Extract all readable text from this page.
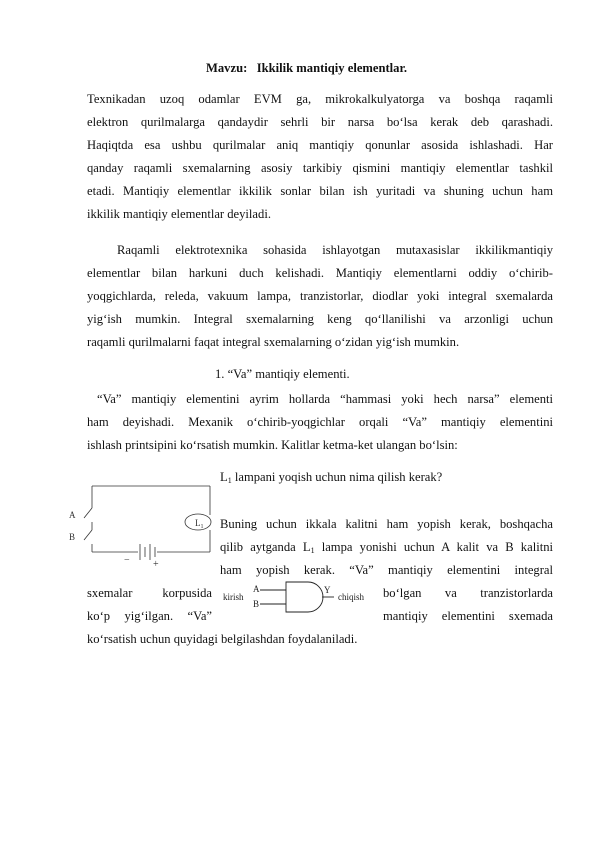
Mavzu: Ikkilik mantiqiy elementlar.
Texnikadan uzoq odamlar EVM ga, mikrokalkulyatorga va boshqa raqamli
elektron qurilmalarga qandaydir sehrli bir narsa bo‘lsa kerak deb qarashadi.
Haqiqtda esa ushbu qurilmalar aniq mantiqiy qonunlar asosida ishlashadi. Har
qanday raqamli sxemalarning asosiy tarkibiy qismini mantiqiy elementlar tashkil
etadi. Mantiqiy elementlar ikkilik sonlar bilan ish yuritadi va shuning uchun ham
ikkilik mantiqiy elementlar deyiladi.
Raqamli elektrotexnika sohasida ishlayotgan mutaxasislar ikkilikmantiqiy
elementlar bilan harkuni duch kelishadi. Mantiqiy elementlarni oddiy o‘chirib-
yoqgichlarda, releda, vakuum lampa, tranzistorlar, diodlar yoki integral sxemalarda
yig‘ish mumkin. Integral sxemalarning keng qo‘llanilishi va arzonligi uchun
raqamli qurilmalarni faqat integral sxemalarning o‘zidan yig‘ish mumkin.
1. “Va” mantiqiy elementi.
“Va” mantiqiy elementini ayrim hollarda “hammasi yoki hech narsa” elementi
ham deyishadi. Mexanik o‘chirib-yoqgichlar orqali “Va” mantiqiy elementini
ishlash printsipini ko‘rsatish mumkin. Kalitlar ketma-ket ulangan bo‘lsin:
$L_1$ lampani yoqish uchun nima qilish kerak?
A
B
$L_1$
− +
Buning uchun ikkala kalitni ham yopish kerak, boshqacha
qilib aytganda $L_1$ lampa yonishi uchun A kalit va B kalitni
ham yopish kerak. “Va” mantiqiy elementini integral
sxemalar korpusida	bo‘lgan va tranzistorlarda
ko‘p yig‘ilgan. “Va”	mantiqiy elementini sxemada
ko‘rsatish uchun quyidagi belgilashdan foydalaniladi.
kirish
A
B
Y
chiqish
